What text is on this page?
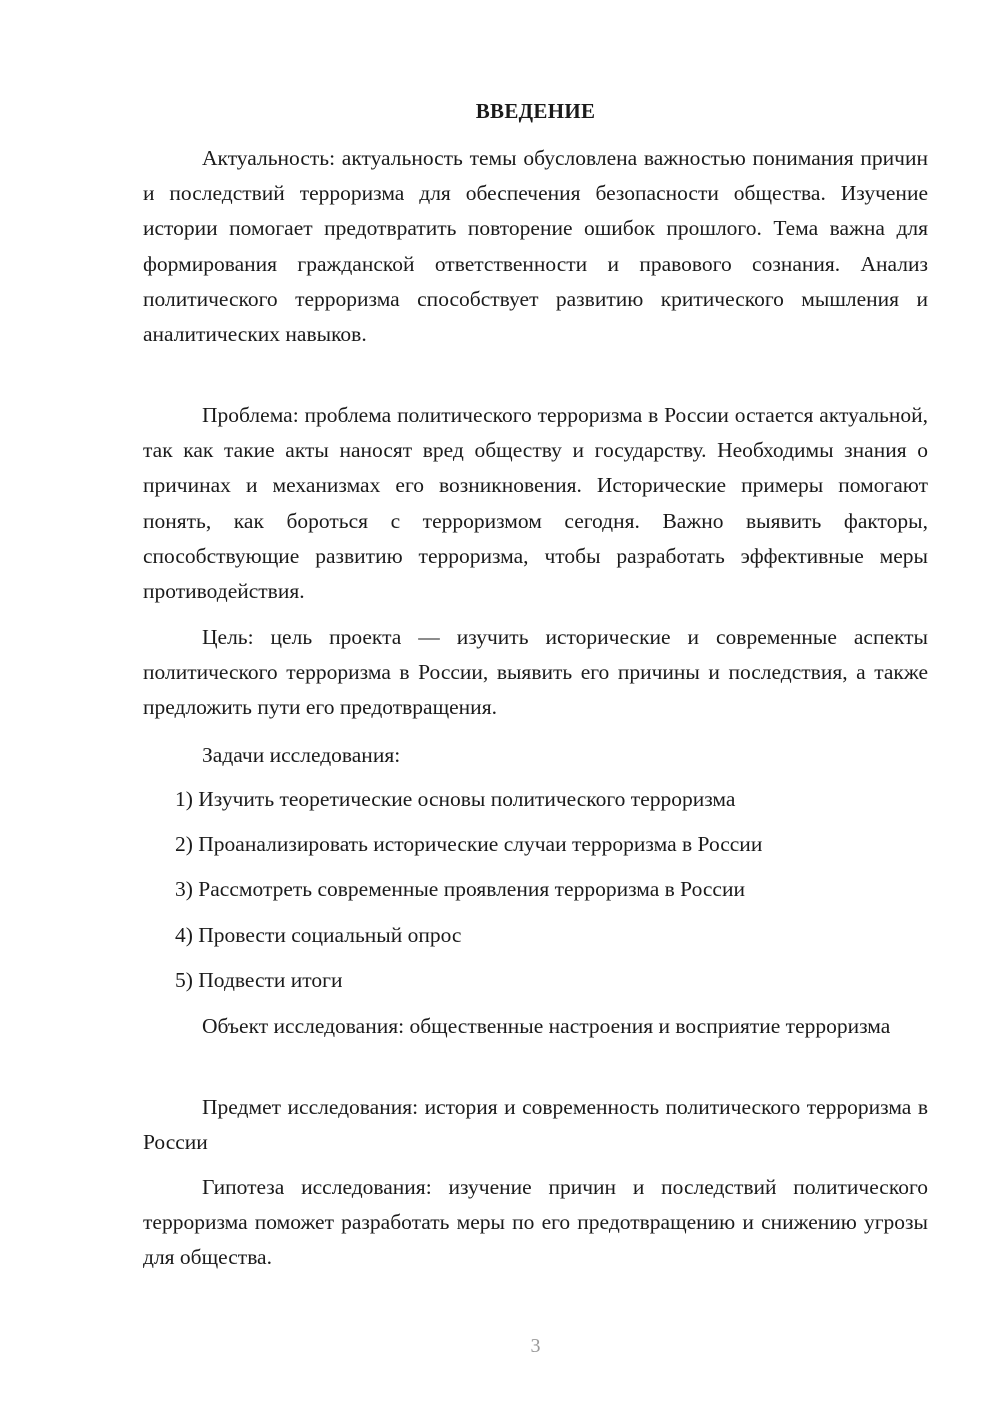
ВВЕДЕНИЕ

Актуальность: актуальность темы обусловлена важностью понимания причин и последствий терроризма для обеспечения безопасности общества. Изучение истории помогает предотвратить повторение ошибок прошлого. Тема важна для формирования гражданской ответственности и правового сознания. Анализ политического терроризма способствует развитию критического мышления и аналитических навыков.

Проблема: проблема политического терроризма в России остается актуальной, так как такие акты наносят вред обществу и государству. Необходимы знания о причинах и механизмах его возникновения. Исторические примеры помогают понять, как бороться с терроризмом сегодня. Важно выявить факторы, способствующие развитию терроризма, чтобы разработать эффективные меры противодействия.

Цель: цель проекта — изучить исторические и современные аспекты политического терроризма в России, выявить его причины и последствия, а также предложить пути его предотвращения.

Задачи исследования:

1) Изучить теоретические основы политического терроризма

2) Проанализировать исторические случаи терроризма в России

3) Рассмотреть современные проявления терроризма в России

4) Провести социальный опрос

5) Подвести итоги

Объект исследования: общественные настроения и восприятие терроризма

Предмет исследования: история и современность политического терроризма в России

Гипотеза исследования: изучение причин и последствий политического терроризма поможет разработать меры по его предотвращению и снижению угрозы для общества.

3
